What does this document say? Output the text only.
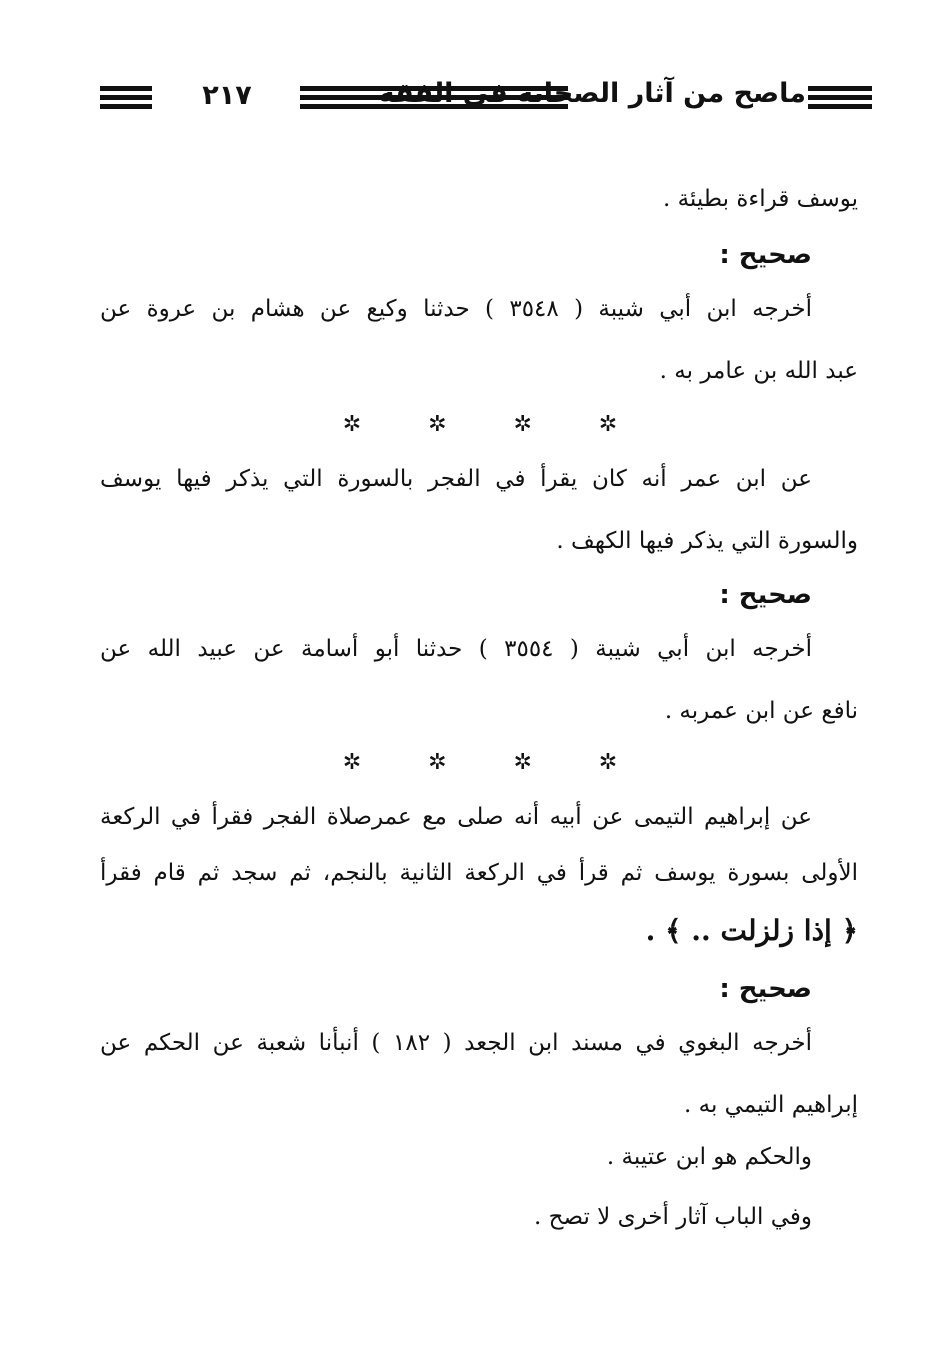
٢١٧	ماصح من آثار الصحابة في الفقه
يوسف قراءة بطيئة .
صحيح :
أخرجه ابن أبي شيبة ( ٣٥٤٨ ) حدثنا وكيع عن هشام بن عروة عن
عبد الله بن عامر به .
✲	✲	✲	✲
عن ابن عمر أنه كان يقرأ في الفجر بالسورة التي يذكر فيها يوسف
والسورة التي يذكر فيها الكهف .
صحيح :
أخرجه ابن أبي شيبة ( ٣٥٥٤ ) حدثنا أبو أسامة عن عبيد الله عن
نافع عن ابن عمربه .
✲	✲	✲	✲
عن إبراهيم التيمى عن أبيه أنه صلى مع عمرصلاة الفجر فقرأ في الركعة
الأولى بسورة يوسف ثم قرأ في الركعة الثانية بالنجم، ثم سجد ثم قام فقرأ
﴿ إذا زلزلت .. ﴾ .
صحيح :
أخرجه البغوي في مسند ابن الجعد ( ١٨٢ ) أنبأنا شعبة عن الحكم عن
إبراهيم التيمي به .
والحكم هو ابن عتيبة .
وفي الباب آثار أخرى لا تصح .
